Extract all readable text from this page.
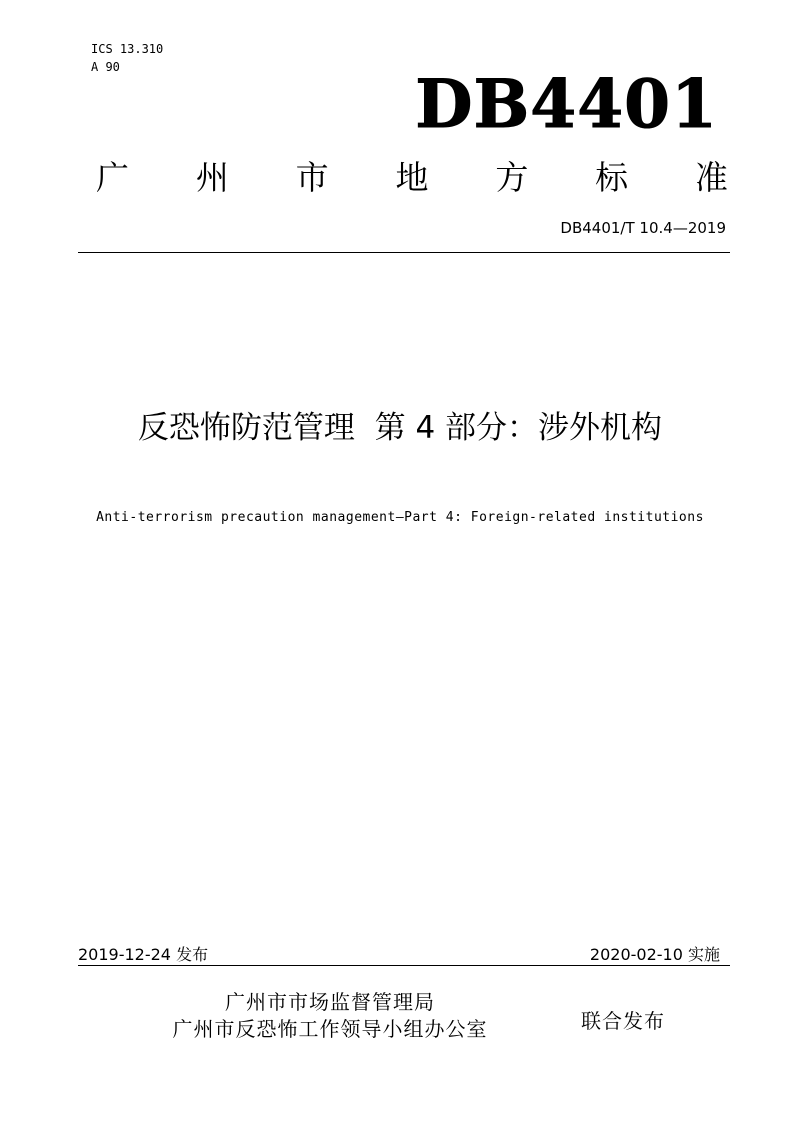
ICS 13.310
A 90	DB4401
广 州 市 地 方 标 准
DB4401/T 10.4—2019
反恐怖防范管理  第 4 部分：涉外机构
Anti-terrorism precaution management—Part 4: Foreign-related institutions
2019-12-24 发布	2020-02-10 实施
广州市市场监督管理局
广州市反恐怖工作领导小组办公室	联合发布
